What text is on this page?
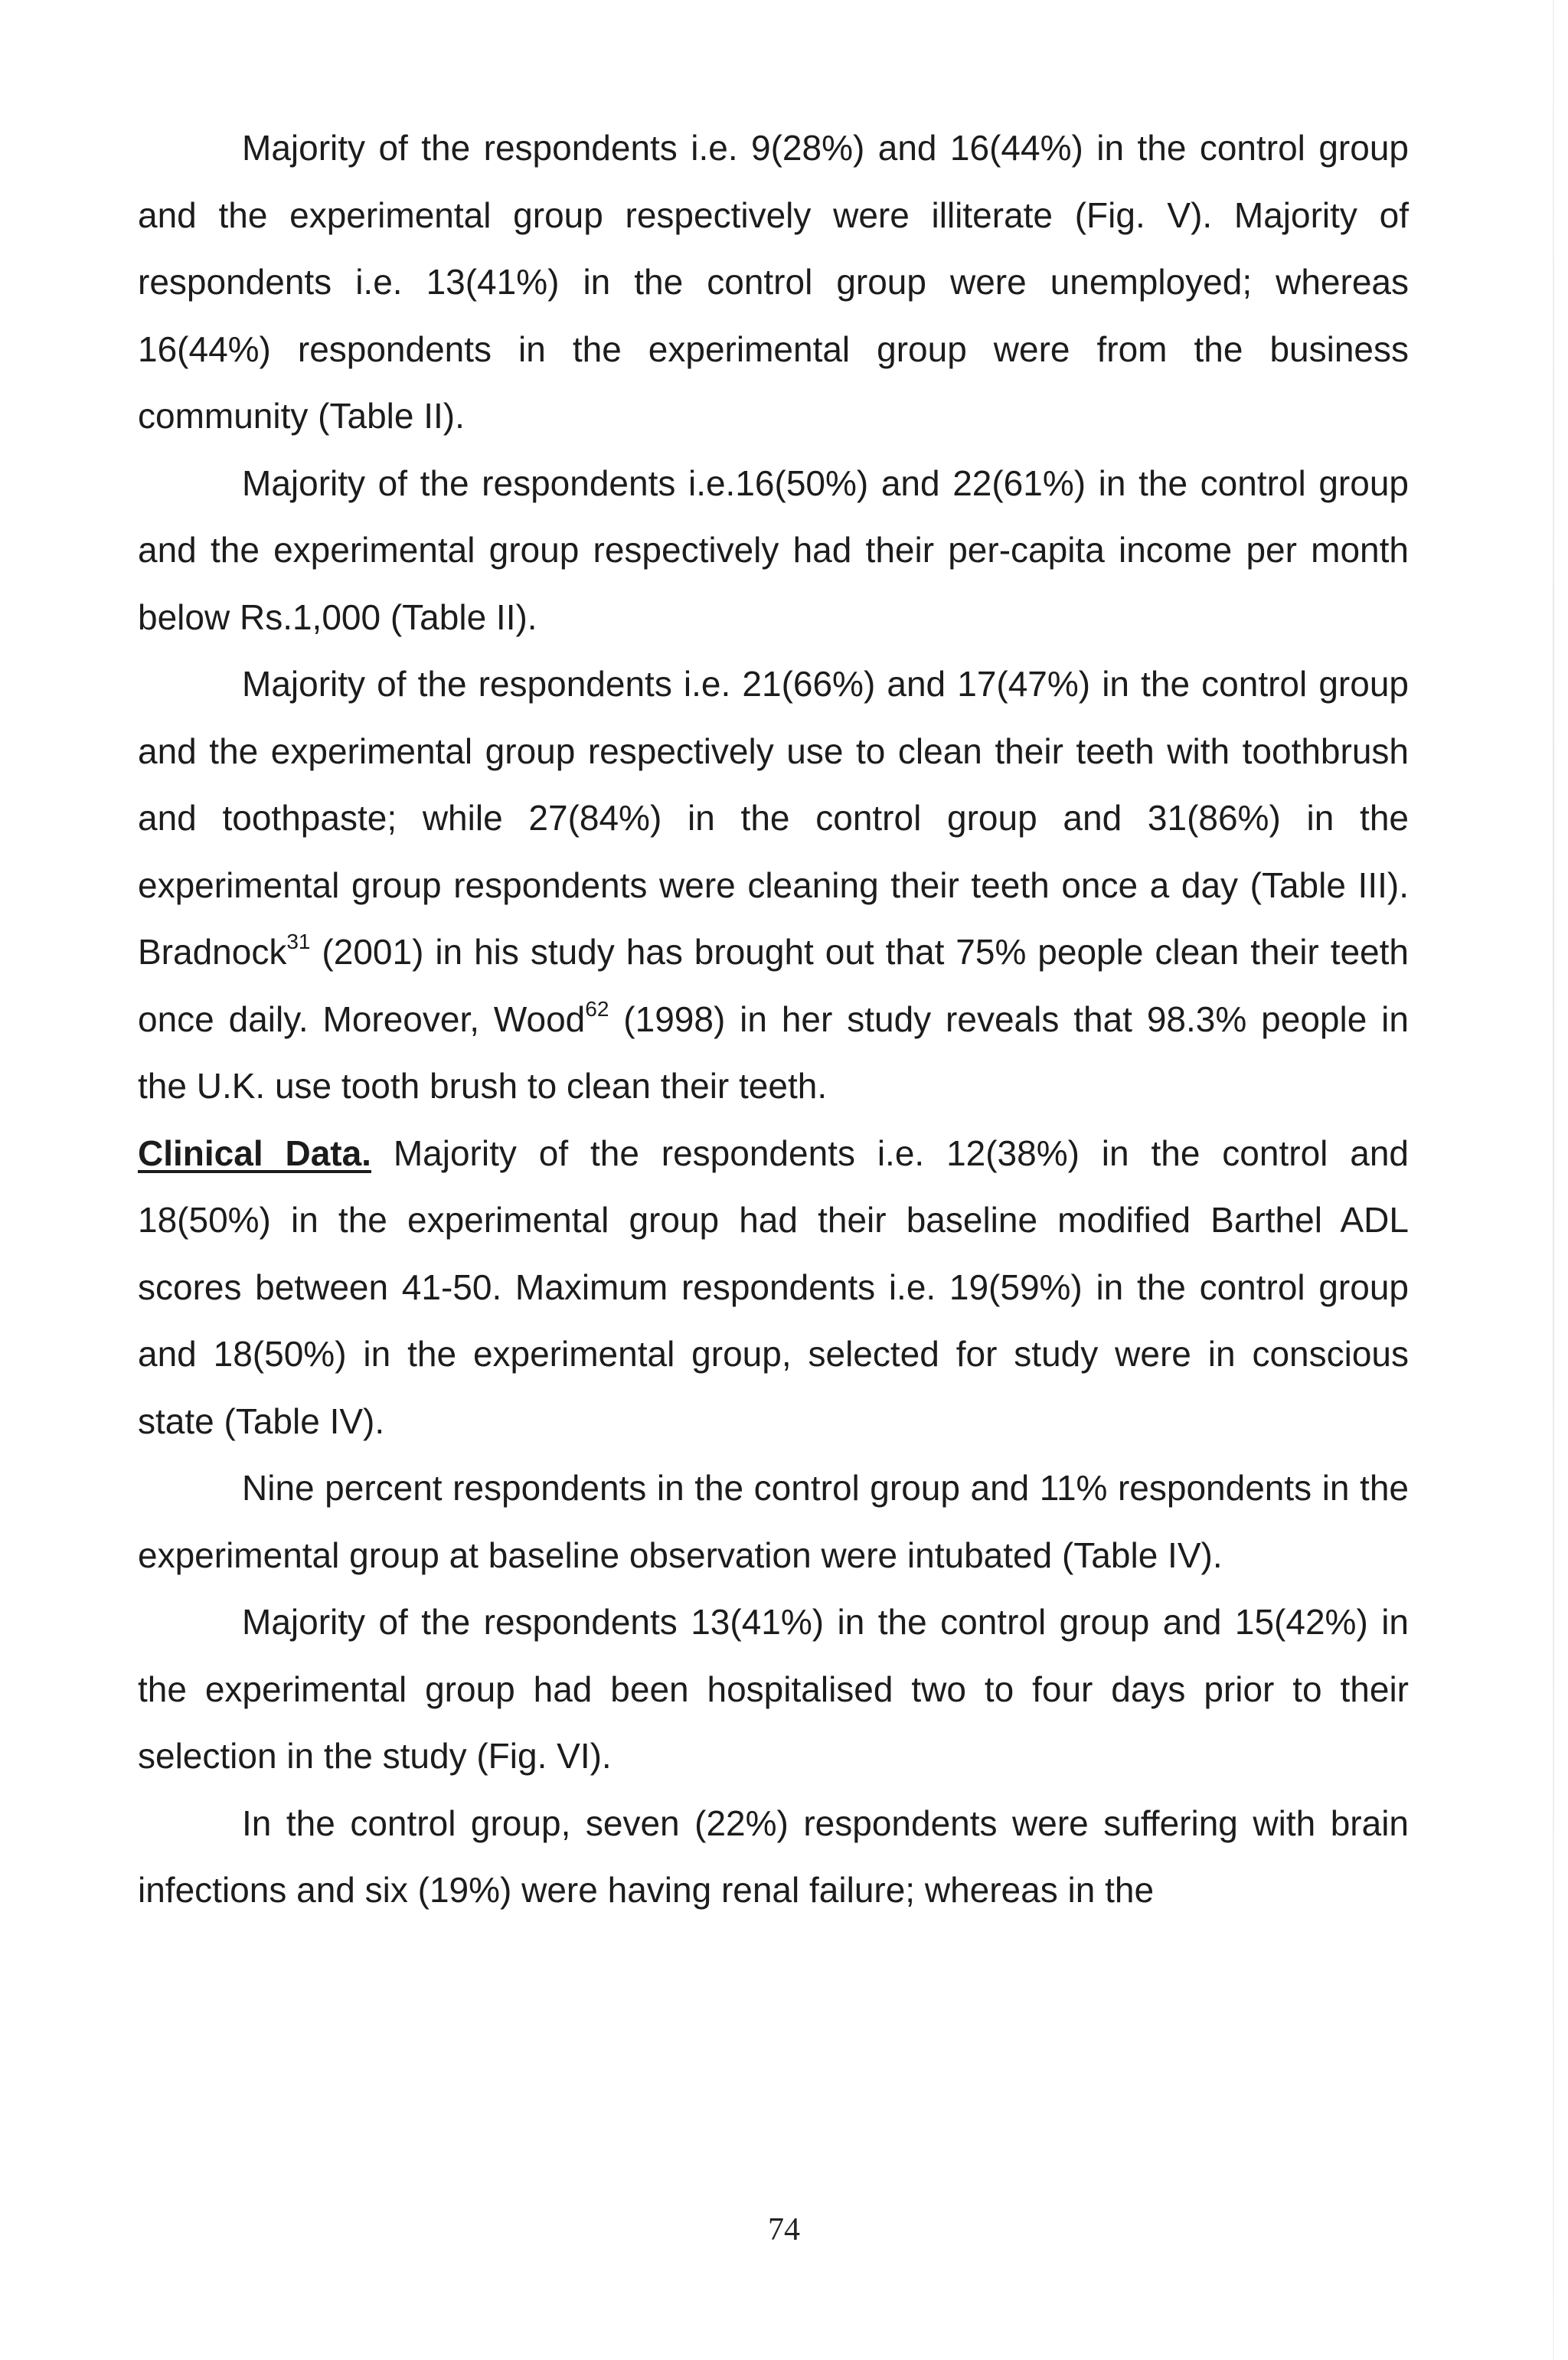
Majority of the respondents i.e. 9(28%) and 16(44%) in the control group and the experimental group respectively were illiterate (Fig. V). Majority of respondents i.e. 13(41%) in the control group were unemployed; whereas 16(44%) respondents in the experimental group were from the business community (Table II).

Majority of the respondents i.e.16(50%) and 22(61%) in the control group and the experimental group respectively had their per-capita income per month below Rs.1,000 (Table II).

Majority of the respondents i.e. 21(66%) and 17(47%) in the control group and the experimental group respectively use to clean their teeth with toothbrush and toothpaste; while 27(84%) in the control group and 31(86%) in the experimental group respondents were cleaning their teeth once a day (Table III). Bradnock$^{31}$ (2001) in his study has brought out that 75% people clean their teeth once daily. Moreover, Wood$^{62}$ (1998) in her study reveals that 98.3% people in the U.K. use tooth brush to clean their teeth.

Clinical Data. Majority of the respondents i.e. 12(38%) in the control and 18(50%) in the experimental group had their baseline modified Barthel ADL scores between 41-50. Maximum respondents i.e. 19(59%) in the control group and 18(50%) in the experimental group, selected for study were in conscious state (Table IV).

Nine percent respondents in the control group and 11% respondents in the experimental group at baseline observation were intubated (Table IV).

Majority of the respondents 13(41%) in the control group and 15(42%) in the experimental group had been hospitalised two to four days prior to their selection in the study (Fig. VI).

In the control group, seven (22%) respondents were suffering with brain infections and six (19%) were having renal failure; whereas in the

74
